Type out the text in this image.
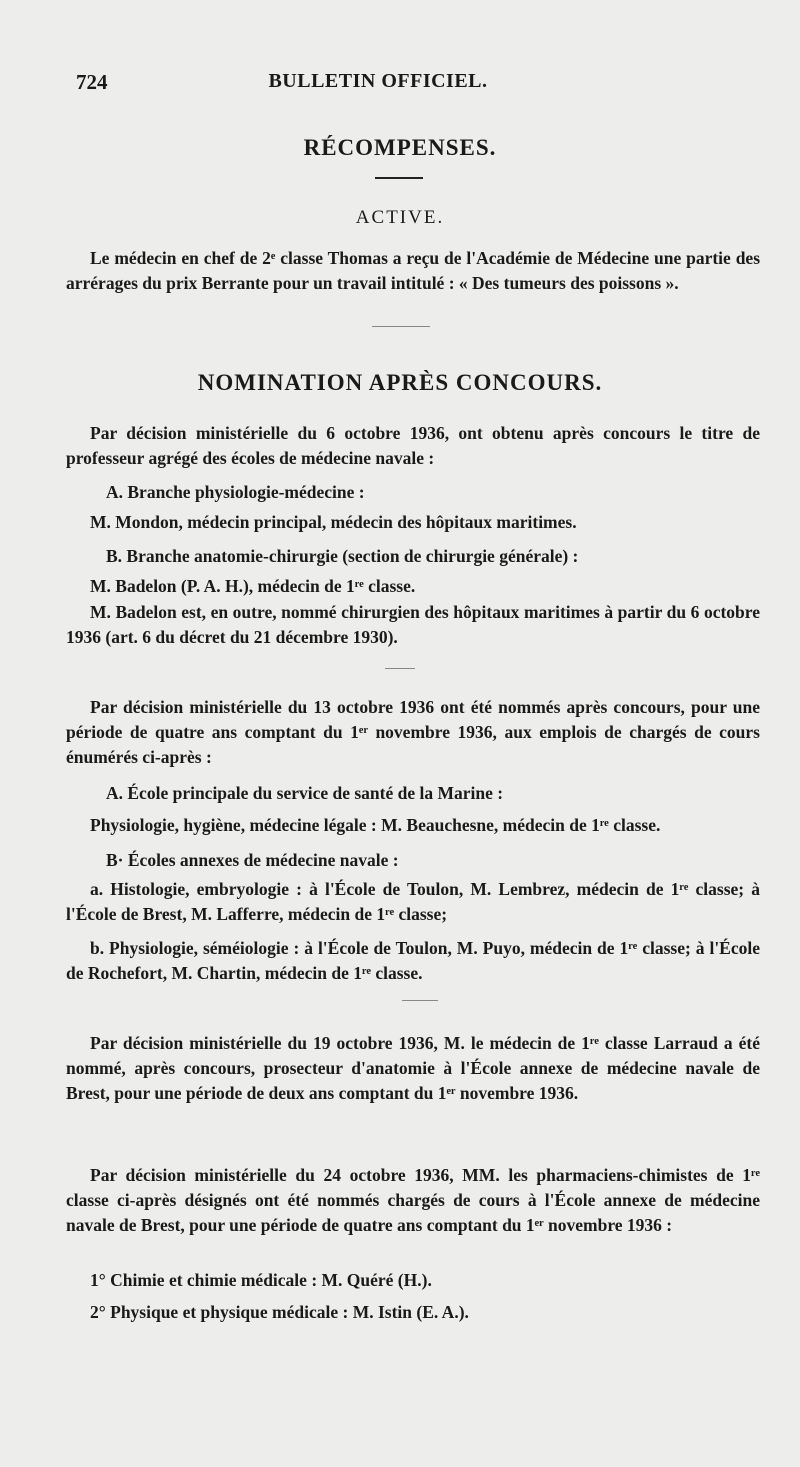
724	BULLETIN OFFICIEL.
RÉCOMPENSES.
ACTIVE.

Le médecin en chef de 2ᵉ classe Thomas a reçu de l'Académie de Médecine une partie des arrérages du prix Berrante pour un travail intitulé : « Des tumeurs des poissons ».

NOMINATION APRÈS CONCOURS.

Par décision ministérielle du 6 octobre 1936, ont obtenu après concours le titre de professeur agrégé des écoles de médecine navale :

A. Branche physiologie-médecine :

M. Mondon, médecin principal, médecin des hôpitaux maritimes.

B. Branche anatomie-chirurgie (section de chirurgie générale) :

M. Badelon (P. A. H.), médecin de 1ʳᵉ classe.

M. Badelon est, en outre, nommé chirurgien des hôpitaux maritimes à partir du 6 octobre 1936 (art. 6 du décret du 21 décembre 1930).

Par décision ministérielle du 13 octobre 1936 ont été nommés après concours, pour une période de quatre ans comptant du 1ᵉʳ novembre 1936, aux emplois de chargés de cours énumérés ci-après :

A. École principale du service de santé de la Marine :

Physiologie, hygiène, médecine légale : M. Beauchesne, médecin de 1ʳᵉ classe.

B· Écoles annexes de médecine navale :

a. Histologie, embryologie : à l'École de Toulon, M. Lembrez, médecin de 1ʳᵉ classe; à l'École de Brest, M. Lafferre, médecin de 1ʳᵉ classe;

b. Physiologie, séméiologie : à l'École de Toulon, M. Puyo, médecin de 1ʳᵉ classe; à l'École de Rochefort, M. Chartin, médecin de 1ʳᵉ classe.

Par décision ministérielle du 19 octobre 1936, M. le médecin de 1ʳᵉ classe Larraud a été nommé, après concours, prosecteur d'anatomie à l'École annexe de médecine navale de Brest, pour une période de deux ans comptant du 1ᵉʳ novembre 1936.

Par décision ministérielle du 24 octobre 1936, MM. les pharmaciens-chimistes de 1ʳᵉ classe ci-après désignés ont été nommés chargés de cours à l'École annexe de médecine navale de Brest, pour une période de quatre ans comptant du 1ᵉʳ novembre 1936 :

1° Chimie et chimie médicale : M. Quéré (H.).

2° Physique et physique médicale : M. Istin (E. A.).
